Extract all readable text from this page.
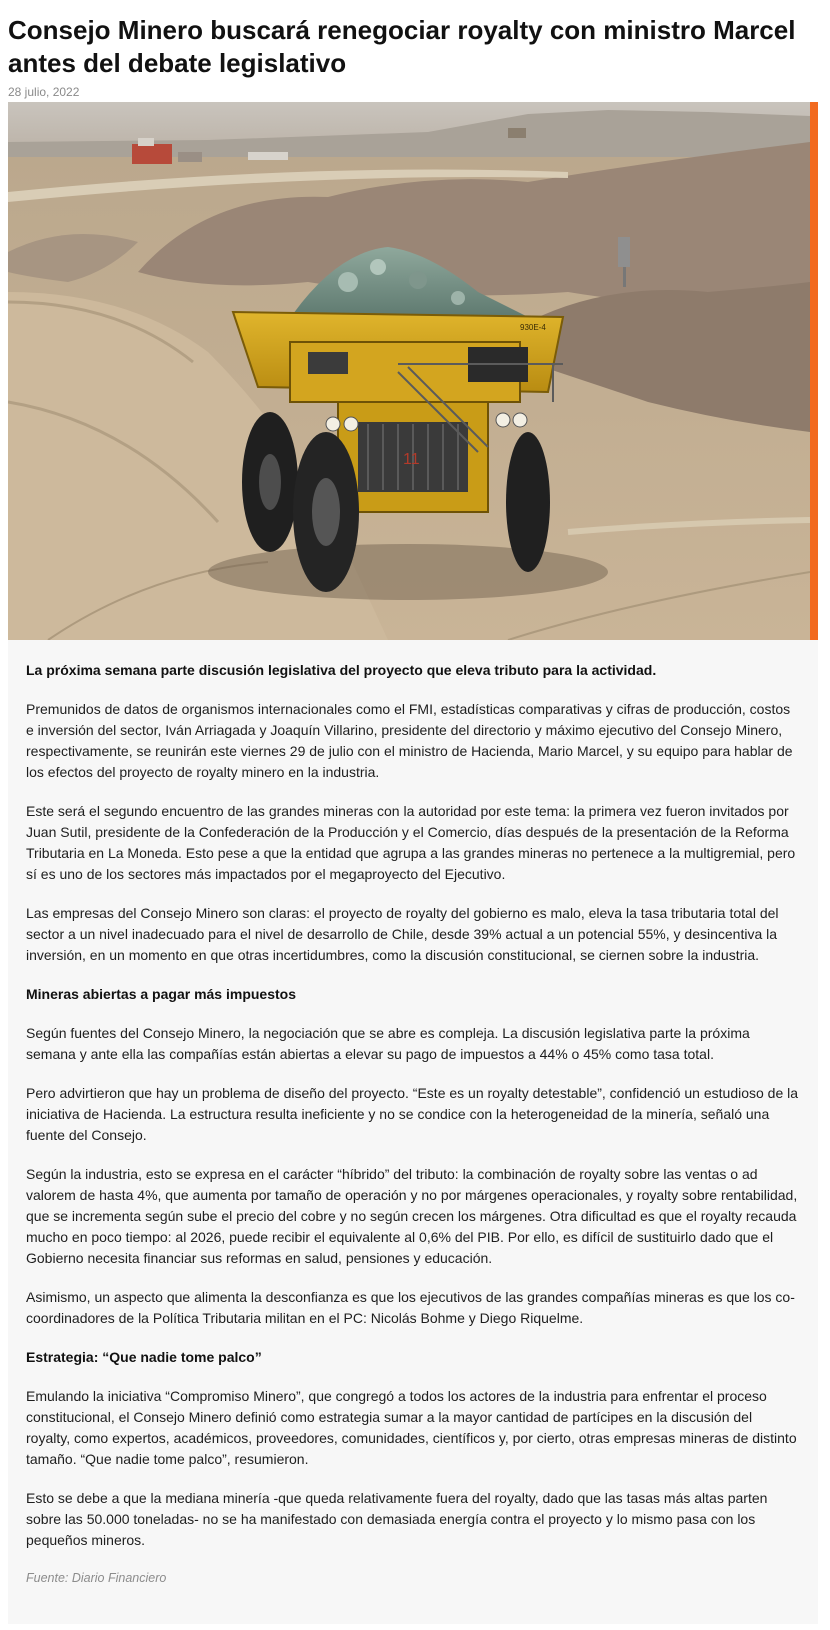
Consejo Minero buscará renegociar royalty con ministro Marcel antes del debate legislativo
28 julio, 2022
930E-4
11

La próxima semana parte discusión legislativa del proyecto que eleva tributo para la actividad.

Premunidos de datos de organismos internacionales como el FMI, estadísticas comparativas y cifras de producción, costos e inversión del sector, Iván Arriagada y Joaquín Villarino, presidente del directorio y máximo ejecutivo del Consejo Minero, respectivamente, se reunirán este viernes 29 de julio con el ministro de Hacienda, Mario Marcel, y su equipo para hablar de los efectos del proyecto de royalty minero en la industria.

Este será el segundo encuentro de las grandes mineras con la autoridad por este tema: la primera vez fueron invitados por Juan Sutil, presidente de la Confederación de la Producción y el Comercio, días después de la presentación de la Reforma Tributaria en La Moneda. Esto pese a que la entidad que agrupa a las grandes mineras no pertenece a la multigremial, pero sí es uno de los sectores más impactados por el megaproyecto del Ejecutivo.

Las empresas del Consejo Minero son claras: el proyecto de royalty del gobierno es malo, eleva la tasa tributaria total del sector a un nivel inadecuado para el nivel de desarrollo de Chile, desde 39% actual a un potencial 55%, y desincentiva la inversión, en un momento en que otras incertidumbres, como la discusión constitucional, se ciernen sobre la industria.

Mineras abiertas a pagar más impuestos

Según fuentes del Consejo Minero, la negociación que se abre es compleja. La discusión legislativa parte la próxima semana y ante ella las compañías están abiertas a elevar su pago de impuestos a 44% o 45% como tasa total.

Pero advirtieron que hay un problema de diseño del proyecto. “Este es un royalty detestable”, confidenció un estudioso de la iniciativa de Hacienda. La estructura resulta ineficiente y no se condice con la heterogeneidad de la minería, señaló una fuente del Consejo.

Según la industria, esto se expresa en el carácter “híbrido” del tributo: la combinación de royalty sobre las ventas o ad valorem de hasta 4%, que aumenta por tamaño de operación y no por márgenes operacionales, y royalty sobre rentabilidad, que se incrementa según sube el precio del cobre y no según crecen los márgenes. Otra dificultad es que el royalty recauda mucho en poco tiempo: al 2026, puede recibir el equivalente al 0,6% del PIB. Por ello, es difícil de sustituirlo dado que el Gobierno necesita financiar sus reformas en salud, pensiones y educación.

Asimismo, un aspecto que alimenta la desconfianza es que los ejecutivos de las grandes compañías mineras es que los co-coordinadores de la Política Tributaria militan en el PC: Nicolás Bohme y Diego Riquelme.

Estrategia: “Que nadie tome palco”

Emulando la iniciativa “Compromiso Minero”, que congregó a todos los actores de la industria para enfrentar el proceso constitucional, el Consejo Minero definió como estrategia sumar a la mayor cantidad de partícipes en la discusión del royalty, como expertos, académicos, proveedores, comunidades, científicos y, por cierto, otras empresas mineras de distinto tamaño. “Que nadie tome palco”, resumieron.

Esto se debe a que la mediana minería -que queda relativamente fuera del royalty, dado que las tasas más altas parten sobre las 50.000 toneladas- no se ha manifestado con demasiada energía contra el proyecto y lo mismo pasa con los pequeños mineros.

Fuente: Diario Financiero
